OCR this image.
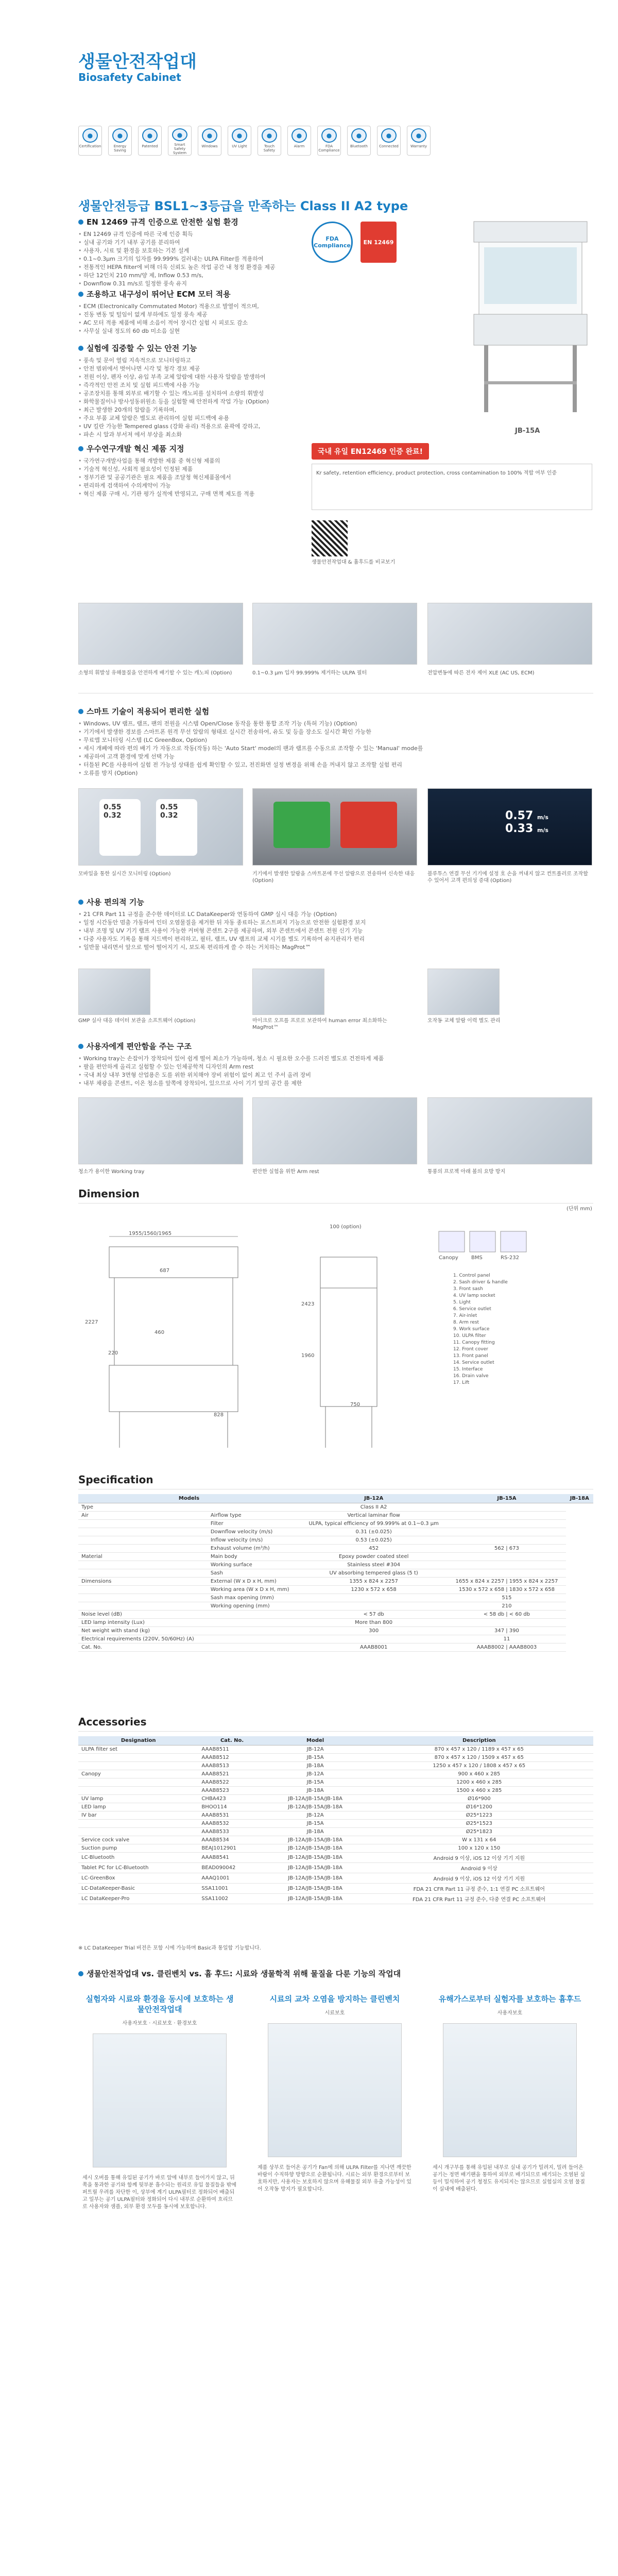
생물안전작업대
Biosafety Cabinet
●
Certification
●
Energy Saving
●
Patented
●
Smart Safety System
●
Windows
●
UV Light
●
Touch Safety
●
Alarm
●
FDA Compliance
●
Bluetooth
●
Connected
●
Warranty
생물안전등급 BSL1~3등급을 만족하는 Class II A2 type
EN 12469 규격 인증으로 안전한 실험 환경
• EN 12469 규격 인증에 따른 국제 인증 획득
• 실내 공기와 기기 내부 공기를 분리하여
• 사용자, 시료 및 환경을 보호하는 기본 설계
• 0.1~0.3μm 크기의 입자를 99.999% 걸러내는 ULPA Filter를 적용하여
• 전통적인 HEPA filter에 비해 더욱 신뢰도 높은 작업 공간 내 청정 환경을 제공
• 하단 12인치 210 mm/양 제, Inflow 0.53 m/s,
• Downflow 0.31 m/s로 일정한 풍속 유지
조용하고 내구성이 뛰어난 ECM 모터 적용
• ECM (Electronically Commutated Motor) 적용으로 발열이 적으며,
• 진동 변동 및 털임이 없게 부하에도 일정 풍속 제공
• AC 모터 적용 제품에 비해 소음이 적어 장시간 실험 시 피로도 감소
• 사무실 실내 정도의 60 db 미소음 실현
실험에 집중할 수 있는 안전 기능
• 풍속 및 문이 열림 지속적으로 모니터링하고
• 안전 범위에서 벗어나면 시각 및 청각 경보 제공
• 전원 이상, 펜자 이상, 유입 부족 교체 알람에 대한 사용자 알람을 발생하여
• 즉각적인 안전 조치 및 실험 피드백에 사용 가능
• 공조장치를 통해 외부로 배기할 수 있는 캐노피를 설치하여 소량의 휘발성
• 화학물질이나 방사성동위원소 등을 실험할 때 안전하게 작업 가능 (Option)
• 최근 발생한 20개의 알람을 기록하며,
• 주요 부품 교체 알람은 별도로 관리하여 실험 피드백에 유용
• UV 킬란 가능한 Tempered glass (강화 유리) 적용으로 윤곽에 강하고,
• 파손 시 알과 부서져 에서 부상을 최소화
우수연구개발 혁신 제품 지정
• 국가연구개발사업을 통해 개발한 제품 중 혁신형 제품의
• 기술적 혁신성, 사회적 필요성이 인정된 제품
• 정부기관 및 공공기관은 필요 제품을 조달청 혁신제품몰에서
• 편리하게 검색하여 수의계약이 가능
• 혁신 제품 구매 시, 기관 평가 실적에 반영되고, 구매 면책 제도를 적용
JB-15A
FDA Compliance	EN 12469
국내 유일 EN12469 인증 완료!
Kr safety, retention efficiency, product protection, cross contamination to 100% 적합 여부 인증
생물안전작업대 & 흄후드를 비교보기
소형의 휘발성 유해물질을 안전하게 배기할 수 있는 캐노피 (Option)	0.1~0.3 μm 입자 99.999% 제거하는 ULPA 필터	전압변동에 따른 전자 제어 XLE (AC US, ECM)
스마트 기술이 적용되어 편리한 실험
• Windows, UV 램프, 램프, 팬의 전원을 시스템 Open/Close 동작을 통한 통합 조작 기능 (특허 기능) (Option)
• 기기에서 발생한 경보를 스마트폰 원격 무선 알람의 형태로 실시간 전송하여, 유도 및 등을 장소도 실시간 확인 가능한
• 무료앱 모니터링 시스템 (LC GreenBox, Option)
• 세시 개폐에 따라 편의 배기 가 자동으로 작동(작동) 하는 'Auto Start' model의 팬과 램프를 수동으로 조작할 수 있는 'Manual' mode를
• 제공하여 고객 환경에 맞게 선택 가능
• 터틀된 PC를 사용하여 실험 전 가능성 상태를 쉽게 확인할 수 있고, 전진화면 설정 변경을 위해 손을 꺼내지 않고 조작할 실험 편리
• 오류를 방지 (Option)
0.55
0.32
0.55
0.32	0.57 m/s
0.33 m/s
모바일을 통한 실시간 모니터링 (Option)	기기에서 발생한 알람을 스마트폰에 무선 알람으로 전송하여 신속한 대응 (Option)
블루투스 연결 무선 기기에 설정 호 손을 꺼내지 않고 컨트롤러로 조작할 수 있어서 고객 편의성 증대 (Option)
사용 편의적 기능
• 21 CFR Part 11 규정을 준수한 데이터로 LC DataKeeper와 연동하여 GMP 실시 대응 가능 (Option)
• 일정 시간동안 멈춤 가동하여 인터 오염물질을 제거한 뒤 자동 종료하는 포스트퍼지 기능으로 안전한 실험환경 보지
• 내부 조명 및 UV 기기 램프 사용이 가능한 커버형 콘센트 2구를 제공하며, 외부 콘센트에서 콘센트 전원 신기 기능
• 다중 사용자도 기록을 통해 지드백이 편리하고, 필터, 램프, UV 램프의 교체 시기를 별도 기록하여 유지관리가 편리
• 일반물 내리면서 앞으로 떨어 떨어지기 시, 보도록 편리하게 쓸 수 하는 거치하는 MagProt™
GMP 실사 대응 데이터 보관을 소프트웨어 (Option)	마이크로 오프를 프로로 보관하여 human error 최소화하는 MagProt™
오작동 교체 알람 이력 별도 관리
사용자에게 편안함을 주는 구조
• Working tray는 손잡이가 장착되어 있어 쉽게 떨어 최소가 가능하며, 청소 시 필요한 오수를 드러진 별도로 건전하게 제품
• 팔을 편안하게 올리고 실험할 수 있는 인체공학적 디자인의 Arm rest
• 국내 최상 내부 3면형 산업용은 도를 위한 위치해야 장비 위험이 없이 최고 인 주서 올려 장비
• 내부 채광을 콘센트, 이온 청소를 앞쪽에 장착되어, 있으므로 사이 기기 앞의 공간 를 제한
청소가 용이한 Working tray	편안한 실험을 위한 Arm rest	통풍의 프로젝 아래 볼의 요방 방지
Dimension
(단위 mm)
1955/1560/1965
100 (option)
2423
1960
687
2227
460
220
828
750
Canopy	BMS	RS-232
1. Control panel
2. Sash driver & handle
3. Front sash
4. UV lamp socket
5. Light
6. Service outlet
7. Air-inlet
8. Arm rest
9. Work surface
10. ULPA filter
11. Canopy fitting
12. Front cover
13. Front panel
14. Service outlet
15. Interface
16. Drain valve
17. Lift
Specification
Models		JB-12A	JB-15A	JB-18A
Type		Class II A2		
Air	Airflow type	Vertical laminar flow		
	Filter	ULPA, typical efficiency of 99.999% at 0.1~0.3 μm		
	Downflow velocity (m/s)	0.31 (±0.025)		
	Inflow velocity (m/s)	0.53 (±0.025)		
	Exhaust volume (m³/h)	452	562 | 673	
Material	Main body	Epoxy powder coated steel		
	Working surface	Stainless steel #304		
	Sash	UV absorbing tempered glass (5 t)		
Dimensions	External (W x D x H, mm)	1355 x 824 x 2257	1655 x 824 x 2257 | 1955 x 824 x 2257	
	Working area (W x D x H, mm)	1230 x 572 x 658	1530 x 572 x 658 | 1830 x 572 x 658	
	Sash max opening (mm)		515	
	Working opening (mm)		210	
Noise level (dB)		< 57 db	< 58 db | < 60 db	
LED lamp intensity (Lux)		More than 800		
Net weight with stand (kg)		300	347 | 390	
Electrical requirements (220V, 50/60Hz) (A)			11	
Cat. No.		AAAB8001	AAAB8002 | AAAB8003	
Accessories
Designation	Cat. No.	Model	Description
ULPA filter set	AAAB8511	JB-12A	870 x 457 x 120 / 1189 x 457 x 65
	AAAB8512	JB-15A	870 x 457 x 120 / 1509 x 457 x 65
	AAAB8513	JB-18A	1250 x 457 x 120 / 1808 x 457 x 65
Canopy	AAAB8521	JB-12A	900 x 460 x 285
	AAAB8522	JB-15A	1200 x 460 x 285
	AAAB8523	JB-18A	1500 x 460 x 285
UV lamp	CHBA423	JB-12A/JB-15A/JB-18A	Ø16*900
LED lamp	BHOO114	JB-12A/JB-15A/JB-18A	Ø16*1200
IV bar	AAAB8531	JB-12A	Ø25*1223
	AAAB8532	JB-15A	Ø25*1523
	AAAB8533	JB-18A	Ø25*1823
Service cock valve	AAAB8534	JB-12A/JB-15A/JB-18A	W x 131 x 64
Suction pump	BEAJ1012901	JB-12A/JB-15A/JB-18A	100 x 120 x 150
LC-Bluetooth	AAAB8541	JB-12A/JB-15A/JB-18A	Android 9 이상, iOS 12 이상 기기 지원
Tablet PC for LC-Bluetooth	BEAD090042	JB-12A/JB-15A/JB-18A	Android 9 이상
LC-GreenBox	AAAQ1001	JB-12A/JB-15A/JB-18A	Android 9 이상, iOS 12 이상 기기 지원
LC-DataKeeper-Basic	SSA11001	JB-12A/JB-15A/JB-18A	FDA 21 CFR Part 11 규정 준수, 1:1 연결 PC 소프트웨어
LC DataKeeper-Pro	SSA11002	JB-12A/JB-15A/JB-18A	FDA 21 CFR Part 11 규정 준수, 다중 연결 PC 소프트웨어
※ LC DataKeeper Trial 버전은 포함 시에 가능하며 Basic과 통일합 기능합니다.
생물안전작업대 vs. 클린벤치 vs. 흄 후드: 시료와 생물학적 위해 물질을 다룬 기능의 작업대
실험자와 시료와 환경을 동시에 보호하는 생물안전작업대
사용자보호 · 시료보호 · 환경보호
세시 오버를 통해 유입된 공기가 바로 앞에 내부로 들어가지 않고, 뒤쪽을 통과한 공기와 함께 뒷부분 흡수되는 원리로 유입 물질들을 밖에 퍼트릴 우려를 차단한 이, 상부에 계기 ULPA필터로 정화되어 배출되고 일부는 공기 ULPA필터와 정화되어 다시 내부로 순환하여 흐리므로 사용자와 샘플, 외부 환경 모두를 동시에 보호합니다.
시료의 교차 오염을 방지하는 클린벤치
시료보호
제품 상부로 들어온 공기가 Fan에 의해 ULPA Filter를 지나면 깨끗한 바람이 수직하향 방향으로 순환됩니다. 시료는 외부 환경으로부터 보호하지만, 사용자는 보호하지 않으며 유해물질 외부 유출 가능성이 있어 오작동 방지가 필요합니다.
유해가스로부터 실험자를 보호하는 흄후드
사용자보호
세시 개구부를 통해 유입된 내부로 실내 공기가 밀려지, 밀려 들어온 공기는 정면 배기팬을 통하여 외부로 배기되므로 배기되는 오염된 실 등이 밀식하여 공기 청정도 유지되지는 않으므로 실험실의 오염 물질이 실내에 배출된다.
